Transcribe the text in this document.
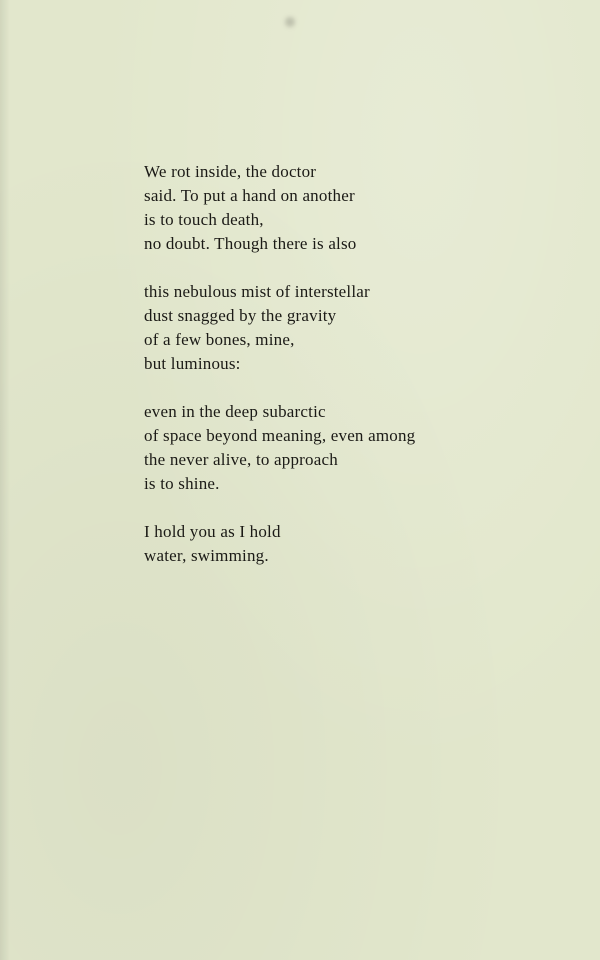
We rot inside, the doctor
said. To put a hand on another
is to touch death,
no doubt. Though there is also
this nebulous mist of interstellar
dust snagged by the gravity
of a few bones, mine,
but luminous:
even in the deep subarctic
of space beyond meaning, even among
the never alive, to approach
is to shine.
I hold you as I hold
water, swimming.
